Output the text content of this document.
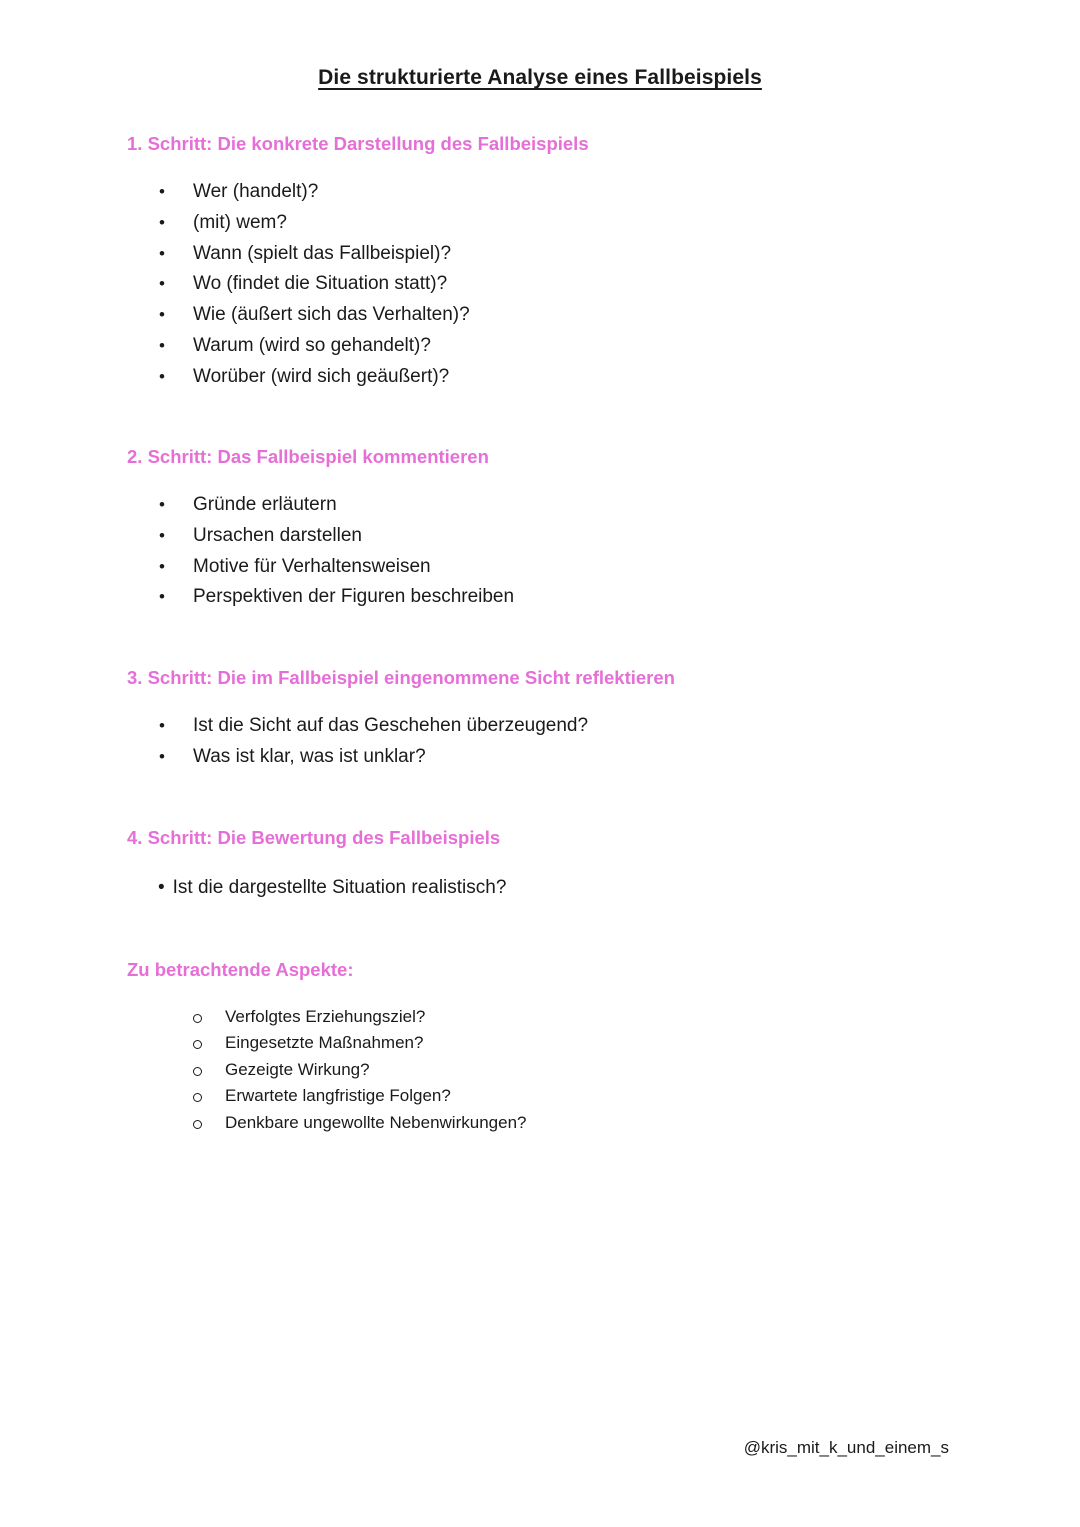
Die strukturierte Analyse eines Fallbeispiels
1. Schritt: Die konkrete Darstellung des Fallbeispiels
• Wer (handelt)?
• (mit) wem?
• Wann (spielt das Fallbeispiel)?
• Wo (findet die Situation statt)?
• Wie (äußert sich das Verhalten)?
• Warum (wird so gehandelt)?
• Worüber (wird sich geäußert)?
2. Schritt: Das Fallbeispiel kommentieren
• Gründe erläutern
• Ursachen darstellen
• Motive für Verhaltensweisen
• Perspektiven der Figuren beschreiben
3. Schritt: Die im Fallbeispiel eingenommene Sicht reflektieren
• Ist die Sicht auf das Geschehen überzeugend?
• Was ist klar, was ist unklar?
4. Schritt: Die Bewertung des Fallbeispiels
• Ist die dargestellte Situation realistisch?
Zu betrachtende Aspekte:
Verfolgtes Erziehungsziel?
Eingesetzte Maßnahmen?
Gezeigte Wirkung?
Erwartete langfristige Folgen?
Denkbare ungewollte Nebenwirkungen?
@kris_mit_k_und_einem_s
